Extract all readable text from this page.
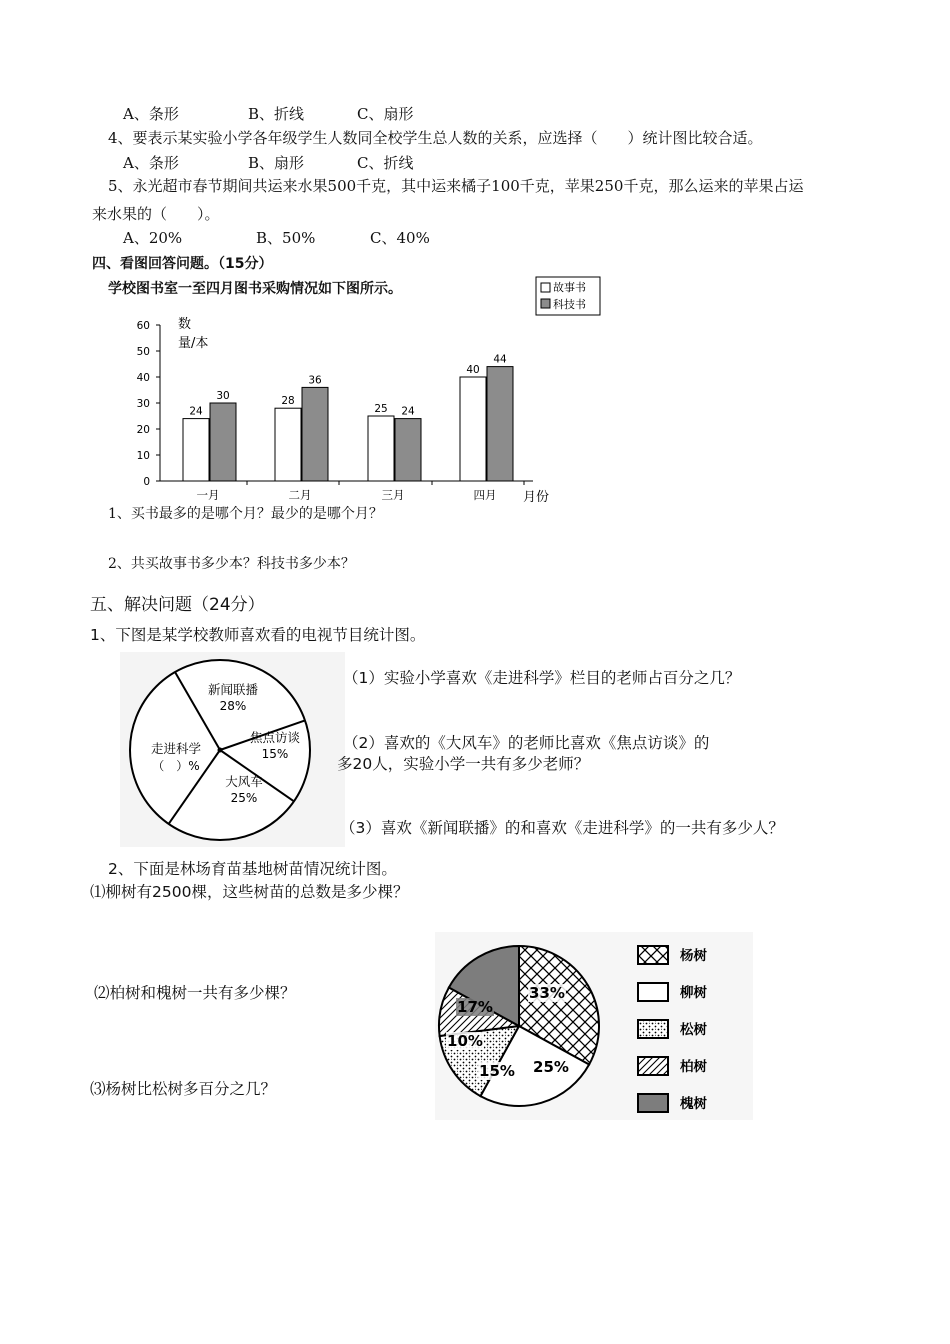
A、条形	B、折线	C、扇形
4、要表示某实验小学各年级学生人数同全校学生总人数的关系，应选择（　　）统计图比较合适。
A、条形	B、扇形	C、折线
5、永光超市春节期间共运来水果500千克，其中运来橘子100千克，苹果250千克，那么运来的苹果占运
来水果的（　　）。
A、20%	B、50%	C、40%
四、看图回答问题。（15分）
学校图书室一至四月图书采购情况如下图所示。	故事书
科技书
0
10
20
30
40
50
60
24
30	28
36
25 24
40
44
一月	二月	三月	四月
数
量/本
月份
1、买书最多的是哪个月？最少的是哪个月？
2、共买故事书多少本？科技书多少本？
五、解决问题（24分）
1、下图是某学校教师喜欢看的电视节目统计图。
新闻联播
28%
焦点访谈
15%
大风车
25%
走进科学
（　）%
（1）实验小学喜欢《走进科学》栏目的老师占百分之几？
（2）喜欢的《大风车》的老师比喜欢《焦点访谈》的
多20人，实验小学一共有多少老师？
（3）喜欢《新闻联播》的和喜欢《走进科学》的一共有多少人？
2、下面是林场育苗基地树苗情况统计图。
⑴柳树有2500棵，这些树苗的总数是多少棵？
⑵柏树和槐树一共有多少棵？
⑶杨树比松树多百分之几？
33%
25%
15%
10%
17%
杨树
柳树
松树
柏树
槐树
